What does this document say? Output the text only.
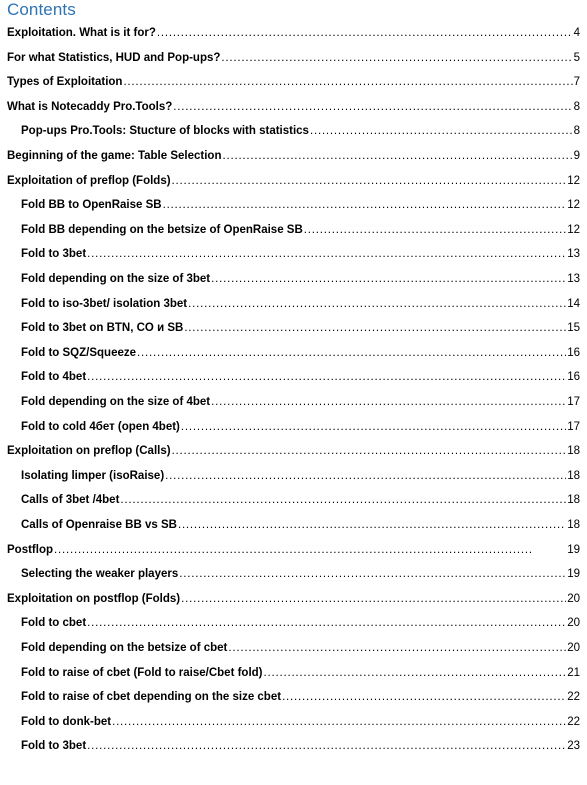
Contents
Exploitation. What is it for? . . .	4
For what Statistics, HUD and Pop-ups? . . .	5
Types of Exploitation . . .	7
What is Notecaddy Pro.Tools? . . .	8
Pop-ups Pro.Tools: Stucture of blocks with statistics . . .	8
Beginning of the game: Table Selection . . .	9
Exploitation of preflop (Folds) . . .	12
Fold BB to OpenRaise SB . . .	12
Fold BB depending on the betsize of OpenRaise SB . . .	12
Fold to 3bet . . .	13
Fold depending on the size of 3bet . . .	13
Fold to iso-3bet/ isolation 3bet . . .	14
Fold to 3bet on BTN, CO и SB . . .	15
Fold to SQZ/Squeeze . . .	16
Fold to 4bet . . .	16
Fold depending on the size of 4bet . . .	17
Fold to cold 4бет (open 4bet) . . .	17
Exploitation on preflop (Calls) . . .	18
Isolating limper (isoRaise) . . .	18
Calls of 3bet /4bet . . .	18
Calls of Openraise BB vs SB . . .	18
Postflop . . .	19
Selecting the weaker players . . .	19
Exploitation on postflop (Folds) . . .	20
Fold to cbet . . .	20
Fold depending on the betsize of cbet . . .	20
Fold to raise of cbet (Fold to raise/Cbet fold) . . .	21
Fold to raise of cbet depending on the size cbet . . .	22
Fold to donk-bet . . .	22
Fold to 3bet . . .	23
